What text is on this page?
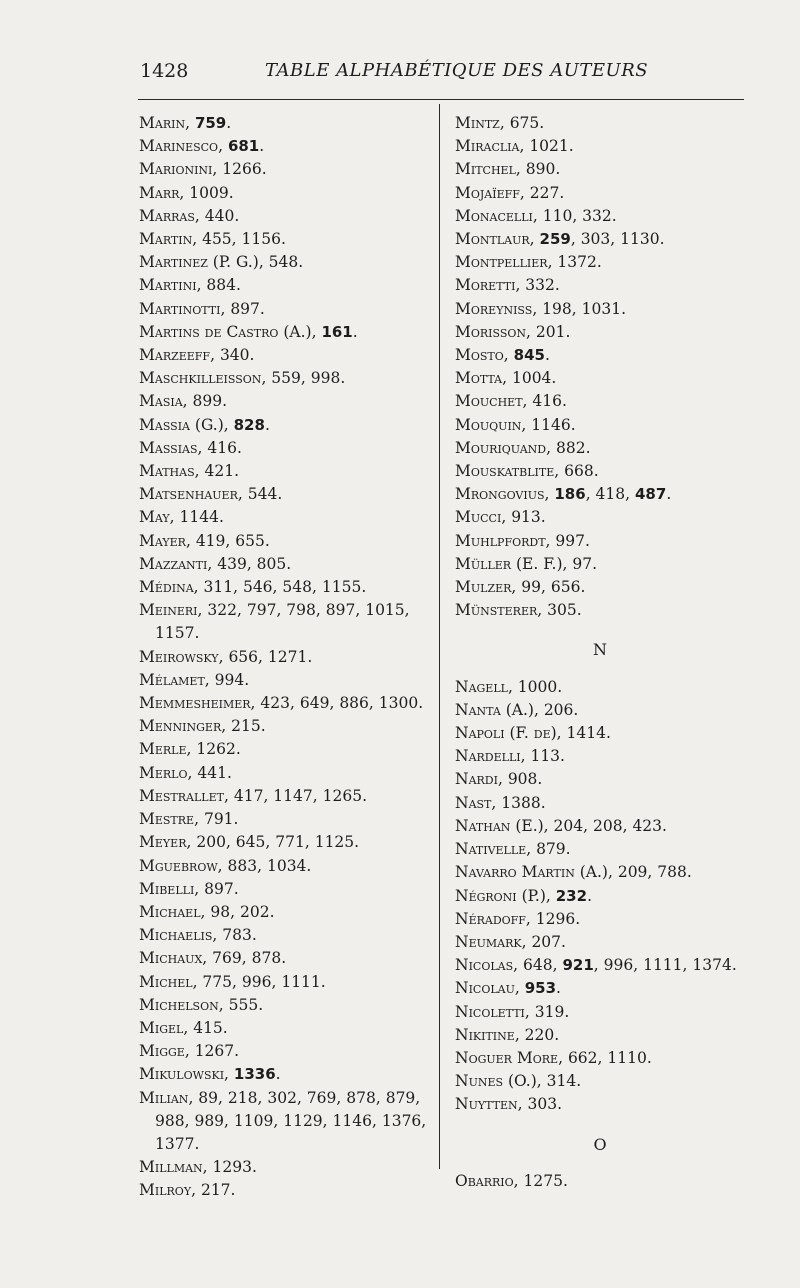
1428	TABLE ALPHABÉTIQUE DES AUTEURS
Marin, 759.
Marinesco, 681.
Marionini, 1266.
Marr, 1009.
Marras, 440.
Martin, 455, 1156.
Martinez (P. G.), 548.
Martini, 884.
Martinotti, 897.
Martins de Castro (A.), 161.
Marzeeff, 340.
Maschkilleisson, 559, 998.
Masia, 899.
Massia (G.), 828.
Massias, 416.
Mathas, 421.
Matsenhauer, 544.
May, 1144.
Mayer, 419, 655.
Mazzanti, 439, 805.
Médina, 311, 546, 548, 1155.
Meineri, 322, 797, 798, 897, 1015, 1157.
Meirowsky, 656, 1271.
Mélamet, 994.
Memmesheimer, 423, 649, 886, 1300.
Menninger, 215.
Merle, 1262.
Merlo, 441.
Mestrallet, 417, 1147, 1265.
Mestre, 791.
Meyer, 200, 645, 771, 1125.
Mguebrow, 883, 1034.
Mibelli, 897.
Michael, 98, 202.
Michaelis, 783.
Michaux, 769, 878.
Michel, 775, 996, 1111.
Michelson, 555.
Migel, 415.
Migge, 1267.
Mikulowski, 1336.
Milian, 89, 218, 302, 769, 878, 879, 988, 989, 1109, 1129, 1146, 1376, 1377.
Millman, 1293.
Milroy, 217.
Mintz, 675.
Miraclia, 1021.
Mitchel, 890.
Mojaïeff, 227.
Monacelli, 110, 332.
Montlaur, 259, 303, 1130.
Montpellier, 1372.
Moretti, 332.
Moreyniss, 198, 1031.
Morisson, 201.
Mosto, 845.
Motta, 1004.
Mouchet, 416.
Mouquin, 1146.
Mouriquand, 882.
Mouskatblite, 668.
Mrongovius, 186, 418, 487.
Mucci, 913.
Muhlpfordt, 997.
Müller (E. F.), 97.
Mulzer, 99, 656.
Münsterer, 305.
N
Nagell, 1000.
Nanta (A.), 206.
Napoli (F. de), 1414.
Nardelli, 113.
Nardi, 908.
Nast, 1388.
Nathan (E.), 204, 208, 423.
Nativelle, 879.
Navarro Martin (A.), 209, 788.
Négroni (P.), 232.
Néradoff, 1296.
Neumark, 207.
Nicolas, 648, 921, 996, 1111, 1374.
Nicolau, 953.
Nicoletti, 319.
Nikitine, 220.
Noguer More, 662, 1110.
Nunes (O.), 314.
Nuytten, 303.
O
Obarrio, 1275.
